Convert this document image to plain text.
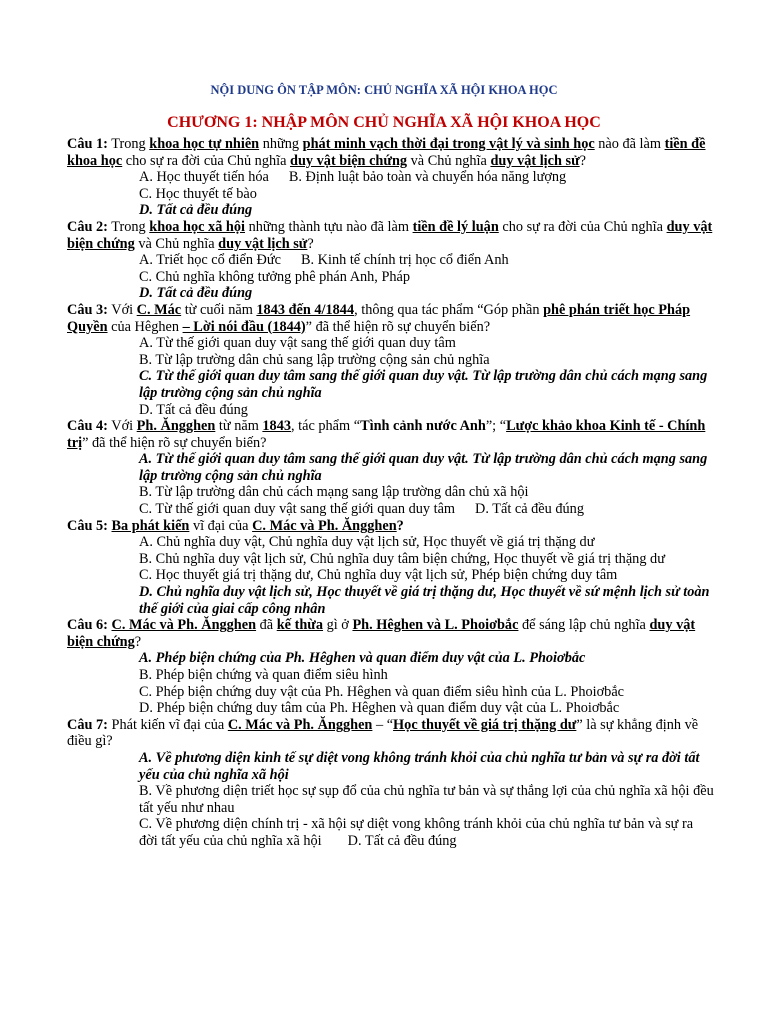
NỘI DUNG ÔN TẬP MÔN: CHỦ NGHĨA XÃ HỘI KHOA HỌC
CHƯƠNG 1: NHẬP MÔN CHỦ NGHĨA XÃ HỘI KHOA HỌC

Câu 1: Trong khoa học tự nhiên những phát minh vạch thời đại trong vật lý và sinh học nào đã làm tiền đề khoa học cho sự ra đời của Chủ nghĩa duy vật biện chứng và Chủ nghĩa duy vật lịch sử?

A. Học thuyết tiến hóa B. Định luật bảo toàn và chuyển hóa năng lượng

C. Học thuyết tế bào

D. Tất cả đều đúng

Câu 2: Trong khoa học xã hội những thành tựu nào đã làm tiền đề lý luận cho sự ra đời của Chủ nghĩa duy vật biện chứng và Chủ nghĩa duy vật lịch sử?

A. Triết học cổ điển Đức B. Kinh tế chính trị học cổ điển Anh

C. Chủ nghĩa không tưởng phê phán Anh, Pháp

D. Tất cả đều đúng

Câu 3: Với C. Mác từ cuối năm 1843 đến 4/1844, thông qua tác phẩm “Góp phần phê phán triết học Pháp Quyền của Hêghen – Lời nói đầu (1844)” đã thể hiện rõ sự chuyển biến?

A. Từ thế giới quan duy vật sang thế giới quan duy tâm

B. Từ lập trường dân chủ sang lập trường cộng sản chủ nghĩa

C. Từ thế giới quan duy tâm sang thế giới quan duy vật. Từ lập trường dân chủ cách mạng sang lập trường cộng sản chủ nghĩa

D. Tất cả đều đúng

Câu 4: Với Ph. Ăngghen từ năm 1843, tác phẩm “Tình cảnh nước Anh”; “Lược khảo khoa Kinh tế - Chính trị” đã thể hiện rõ sự chuyển biến?

A. Từ thế giới quan duy tâm sang thế giới quan duy vật. Từ lập trường dân chủ cách mạng sang lập trường cộng sản chủ nghĩa

B. Từ lập trường dân chủ cách mạng sang lập trường dân chủ xã hội

C. Từ thế giới quan duy vật sang thế giới quan duy tâm D. Tất cả đều đúng

Câu 5: Ba phát kiến vĩ đại của C. Mác và Ph. Ăngghen?

A. Chủ nghĩa duy vật, Chủ nghĩa duy vật lịch sử, Học thuyết về giá trị thặng dư

B. Chủ nghĩa duy vật lịch sử, Chủ nghĩa duy tâm biện chứng, Học thuyết về giá trị thặng dư

C. Học thuyết giá trị thặng dư, Chủ nghĩa duy vật lịch sử, Phép biện chứng duy tâm

D. Chủ nghĩa duy vật lịch sử, Học thuyết về giá trị thặng dư, Học thuyết về sứ mệnh lịch sử toàn thế giới của giai cấp công nhân

Câu 6: C. Mác và Ph. Ăngghen đã kế thừa gì ở Ph. Hêghen và L. Phoiơbắc để sáng lập chủ nghĩa duy vật biện chứng?

A. Phép biện chứng của Ph. Hêghen và quan điểm duy vật của L. Phoiơbắc

B. Phép biện chứng và quan điểm siêu hình

C. Phép biện chứng duy vật của Ph. Hêghen và quan điểm siêu hình của L. Phoiơbắc

D. Phép biện chứng duy tâm của Ph. Hêghen và quan điểm duy vật của L. Phoiơbắc

Câu 7: Phát kiến vĩ đại của C. Mác và Ph. Ăngghen – “Học thuyết về giá trị thặng dư” là sự khẳng định về điều gì?

A. Về phương diện kinh tế sự diệt vong không tránh khỏi của chủ nghĩa tư bản và sự ra đời tất yếu của chủ nghĩa xã hội

B. Về phương diện triết học sự sụp đổ của chủ nghĩa tư bản và sự thắng lợi của chủ nghĩa xã hội đều tất yếu như nhau

C. Về phương diện chính trị - xã hội sự diệt vong không tránh khỏi của chủ nghĩa tư bản và sự ra đời tất yếu của chủ nghĩa xã hội D. Tất cả đều đúng
